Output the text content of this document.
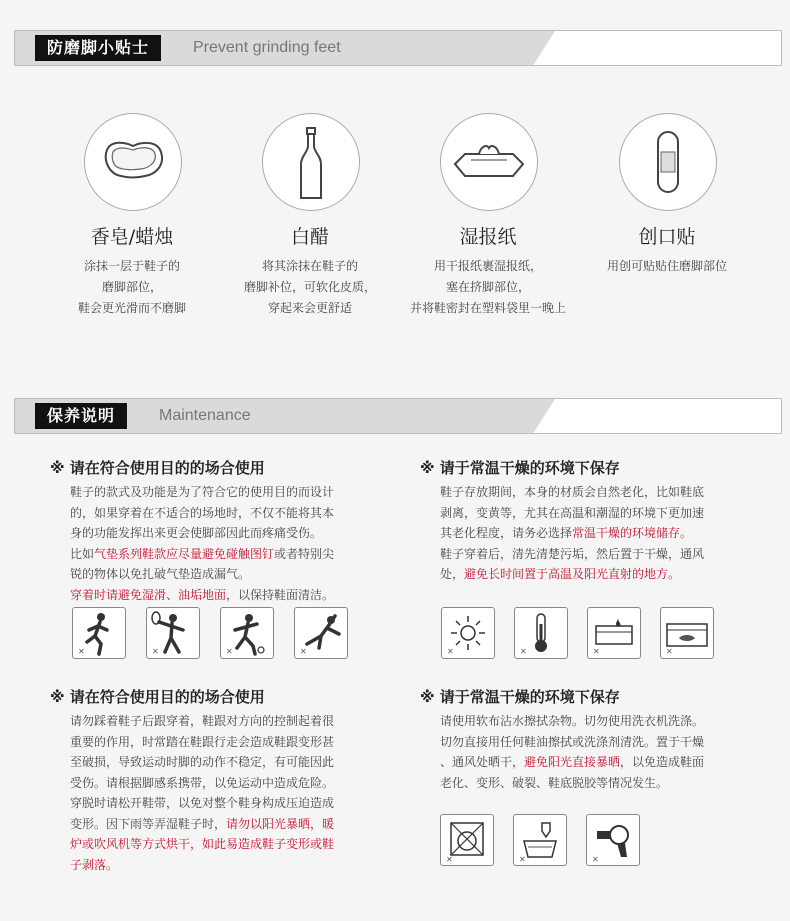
防磨脚小贴士	Prevent grinding feet
香皂/蜡烛	白醋	湿报纸	创口贴
涂抹一层于鞋子的
磨脚部位，
鞋会更光滑而不磨脚
将其涂抹在鞋子的
磨脚补位，可软化皮质，
穿起来会更舒适
用干报纸裹湿报纸，
塞在挤脚部位，
并将鞋密封在塑料袋里一晚上
用创可贴贴住磨脚部位
保养说明	Maintenance
※ 请在符合使用目的的场合使用	※ 请于常温干燥的环境下保存
※ 请在符合使用目的的场合使用	※ 请于常温干燥的环境下保存
鞋子的款式及功能是为了符合它的使用目的而设计
的，如果穿着在不适合的场地时，不仅不能将其本
身的功能发挥出来更会使脚部因此而疼痛受伤。
比如气垫系列鞋款应尽量避免碰触图钉或者特别尖
锐的物体以免扎破气垫造成漏气。
穿着时请避免湿滑、油垢地面，以保持鞋面清洁。
鞋子存放期间，本身的材质会自然老化，比如鞋底
剥离，变黄等，尤其在高温和潮湿的环境下更加速
其老化程度，请务必选择常温干燥的环境储存。
鞋子穿着后，清先清楚污垢，然后置于干燥，通风
处，避免长时间置于高温及阳光直射的地方。
请勿踩着鞋子后跟穿着，鞋跟对方向的控制起着很
重要的作用，时常踏在鞋跟行走会造成鞋跟变形甚
至破损，导致运动时脚的动作不稳定，有可能因此
受伤。请根据脚感系携带，以免运动中造成危险。
穿脱时请松开鞋带，以免对整个鞋身构成压迫造成
变形。因下雨等弄湿鞋子时，请勿以阳光暴晒，暖
炉或吹风机等方式烘干，如此易造成鞋子变形或鞋
子剥落。
请使用软布沾水擦拭杂物。切勿使用洗衣机洗涤。
切勿直接用任何鞋油擦拭或洗涤剂清洗。置于干燥
、通风处晒干，避免阳光直接暴晒，以免造成鞋面
老化、变形、破裂、鞋底脱胶等情况发生。
✕	✕	✕	✕	✕	✕	✕	✕
✕	✕	✕
